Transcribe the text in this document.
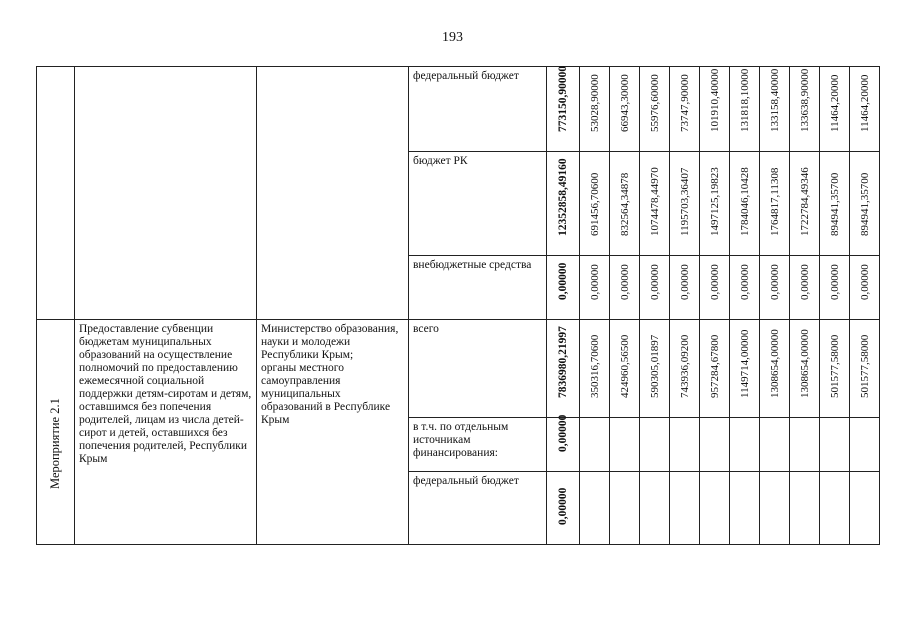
193

			федеральный бюджет	773150,90000	53028,90000	66943,30000	55976,60000	73747,90000	101910,40000	131818,10000	133158,40000	133638,90000	11464,20000	11464,20000

			бюджет РК	12352858,49160	691456,70600	832564,34878	1074478,44970	1195703,36407	1497125,19823	1784046,10428	1764817,11308	1722784,49346	894941,35700	894941,35700

			внебюджетные средства	0,00000	0,00000	0,00000	0,00000	0,00000	0,00000	0,00000	0,00000	0,00000	0,00000	0,00000

Мероприятие 2.1	Предоставление субвенции бюджетам муниципальных образований на осуществление полномочий по предоставлению ежемесячной социальной поддержки детям-сиротам и детям, оставшимся без попечения родителей, лицам из числа детей-сирот и детей, оставшихся без попечения родителей, Республики Крым	Министерство образования, науки и молодежи Республики Крым;
органы местного самоуправления муниципальных образований в Республике Крым	всего	7836980,21997	350316,70600	424960,56500	590305,01897	743936,09200	957284,67800	1149714,00000	1308654,00000	1308654,00000	501577,58000	501577,58000

			в т.ч. по отдельным источникам финансирования:	0,00000										

			федеральный бюджет	0,00000										
